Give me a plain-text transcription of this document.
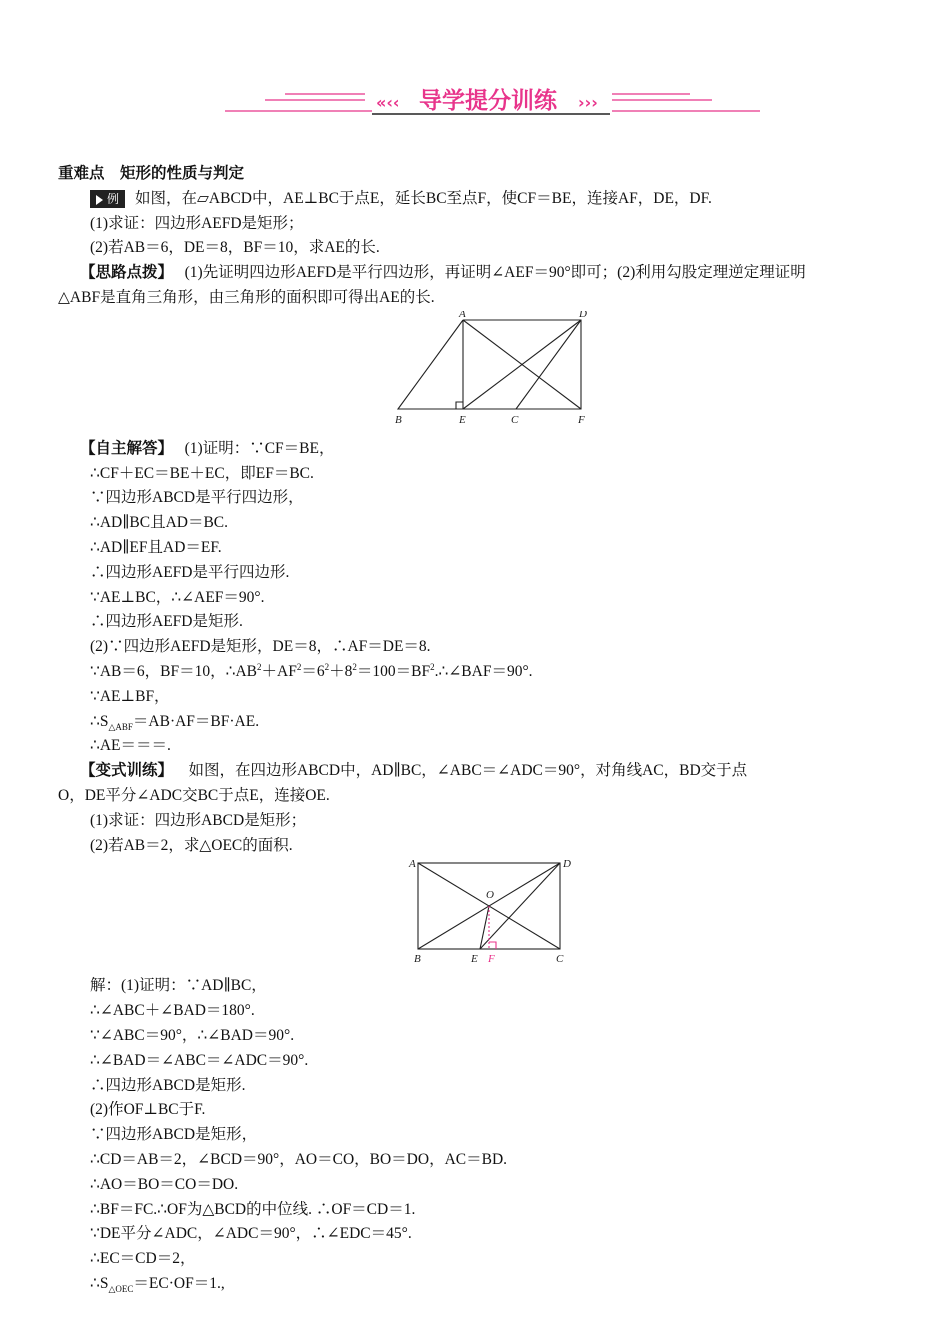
«‹‹ 导学提分训练 ›››
重难点　矩形的性质与判定
例 如图，在▱ABCD中，AE⊥BC于点E，延长BC至点F，使CF＝BE，连接AF，DE，DF.
(1)求证：四边形AEFD是矩形；
(2)若AB＝6，DE＝8，BF＝10，求AE的长.
【思路点拨】 (1)先证明四边形AEFD是平行四边形，再证明∠AEF＝90°即可；(2)利用勾股定理逆定理证明
△ABF是直角三角形，由三角形的面积即可得出AE的长.
A	D
B	E	C	F
【自主解答】 (1)证明：∵CF＝BE，
∴CF＋EC＝BE＋EC，即EF＝BC.
∵四边形ABCD是平行四边形，
∴AD∥BC且AD＝BC.
∴AD∥EF且AD＝EF.
∴四边形AEFD是平行四边形.
∵AE⊥BC，∴∠AEF＝90°.
∴四边形AEFD是矩形.
(2)∵四边形AEFD是矩形，DE＝8，∴AF＝DE＝8.
∵AB＝6，BF＝10，$\therefore AB^2+AF^2=6^2+8^2=100=BF^2.\therefore\angle BAF=90^\circ$.
∵AE⊥BF，
$\therefore S_{\triangle ABF}=AB\cdot AF=BF\cdot AE$.
∴AE＝＝＝.
【变式训练】 如图，在四边形ABCD中，AD∥BC，∠ABC＝∠ADC＝90°，对角线AC，BD交于点
O，DE平分∠ADC交BC于点E，连接OE.
(1)求证：四边形ABCD是矩形；
(2)若AB＝2，求△OEC的面积.
A	D
O
B	E F	C
解：(1)证明：∵AD∥BC，
∴∠ABC＋∠BAD＝180°.
∵∠ABC＝90°，∴∠BAD＝90°.
∴∠BAD＝∠ABC＝∠ADC＝90°.
∴四边形ABCD是矩形.
(2)作OF⊥BC于F.
∵四边形ABCD是矩形，
∴CD＝AB＝2，∠BCD＝90°，AO＝CO，BO＝DO，AC＝BD.
∴AO＝BO＝CO＝DO.
∴BF＝FC.∴OF为△BCD的中位线. ∴OF＝CD＝1.
∵DE平分∠ADC，∠ADC＝90°，∴∠EDC＝45°.
∴EC＝CD＝2，
$\therefore S_{\triangle OEC}=EC\cdot OF=1$.,
